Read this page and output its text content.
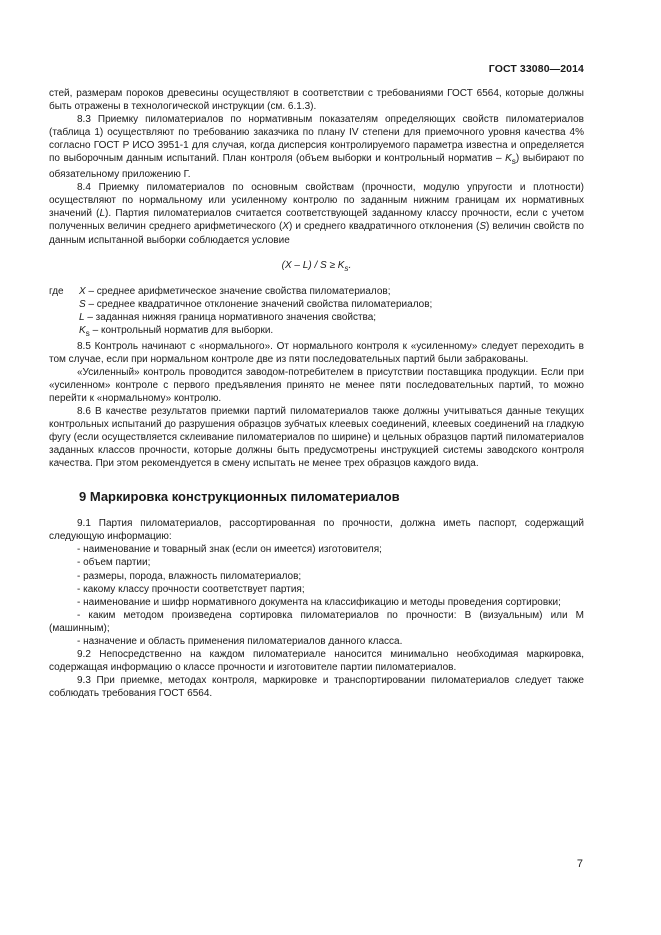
ГОСТ 33080—2014

стей, размерам пороков древесины осуществляют в соответствии с требованиями ГОСТ 6564, которые должны быть отражены в технологической инструкции (см. 6.1.3).

8.3 Приемку пиломатериалов по нормативным показателям определяющих свойств пиломатериалов (таблица 1) осуществляют по требованию заказчика по плану IV степени для приемочного уровня качества 4% согласно ГОСТ Р ИСО 3951-1 для случая, когда дисперсия контролируемого параметра известна и определяется по выборочным данным испытаний. План контроля (объем выборки и контрольный норматив – $K_s$) выбирают по обязательному приложению Г.

8.4 Приемку пиломатериалов по основным свойствам (прочности, модулю упругости и плотности) осуществляют по нормальному или усиленному контролю по заданным нижним границам их нормативных значений (L). Партия пиломатериалов считается соответствующей заданному классу прочности, если с учетом полученных величин среднего арифметического (X) и среднего квадратичного отклонения (S) величин свойств по данным испытанной выборки соблюдается условие

$(X - L) / S \ge K_s$.

где	X – среднее арифметическое значение свойства пиломатериалов;
S – среднее квадратичное отклонение значений свойства пиломатериалов;
L – заданная нижняя граница нормативного значения свойства;
$K_s$ – контрольный норматив для выборки.

8.5 Контроль начинают с «нормального». От нормального контроля к «усиленному» следует переходить в том случае, если при нормальном контроле две из пяти последовательных партий были забракованы.

«Усиленный» контроль проводится заводом-потребителем в присутствии поставщика продукции. Если при «усиленном» контроле с первого предъявления принято не менее пяти последовательных партий, то можно перейти к «нормальному» контролю.

8.6 В качестве результатов приемки партий пиломатериалов также должны учитываться данные текущих контрольных испытаний до разрушения образцов зубчатых клеевых соединений, клеевых соединений на гладкую фугу (если осуществляется склеивание пиломатериалов по ширине) и цельных образцов партий пиломатериалов заданных классов прочности, которые должны быть предусмотрены инструкцией системы заводского контроля качества. При этом рекомендуется в смену испытать не менее трех образцов каждого вида.

9 Маркировка конструкционных пиломатериалов

9.1 Партия пиломатериалов, рассортированная по прочности, должна иметь паспорт, содержащий следующую информацию:

- наименование и товарный знак (если он имеется) изготовителя;

- объем партии;

- размеры, порода, влажность пиломатериалов;

- какому классу прочности соответствует партия;

- наименование и шифр нормативного документа на классификацию и методы проведения сортировки;

- каким методом произведена сортировка пиломатериалов по прочности: В (визуальным) или М (машинным);

- назначение и область применения пиломатериалов данного класса.

9.2 Непосредственно на каждом пиломатериале наносится минимально необходимая маркировка, содержащая информацию о классе прочности и изготовителе партии пиломатериалов.

9.3 При приемке, методах контроля, маркировке и транспортировании пиломатериалов следует также соблюдать требования ГОСТ 6564.

7
